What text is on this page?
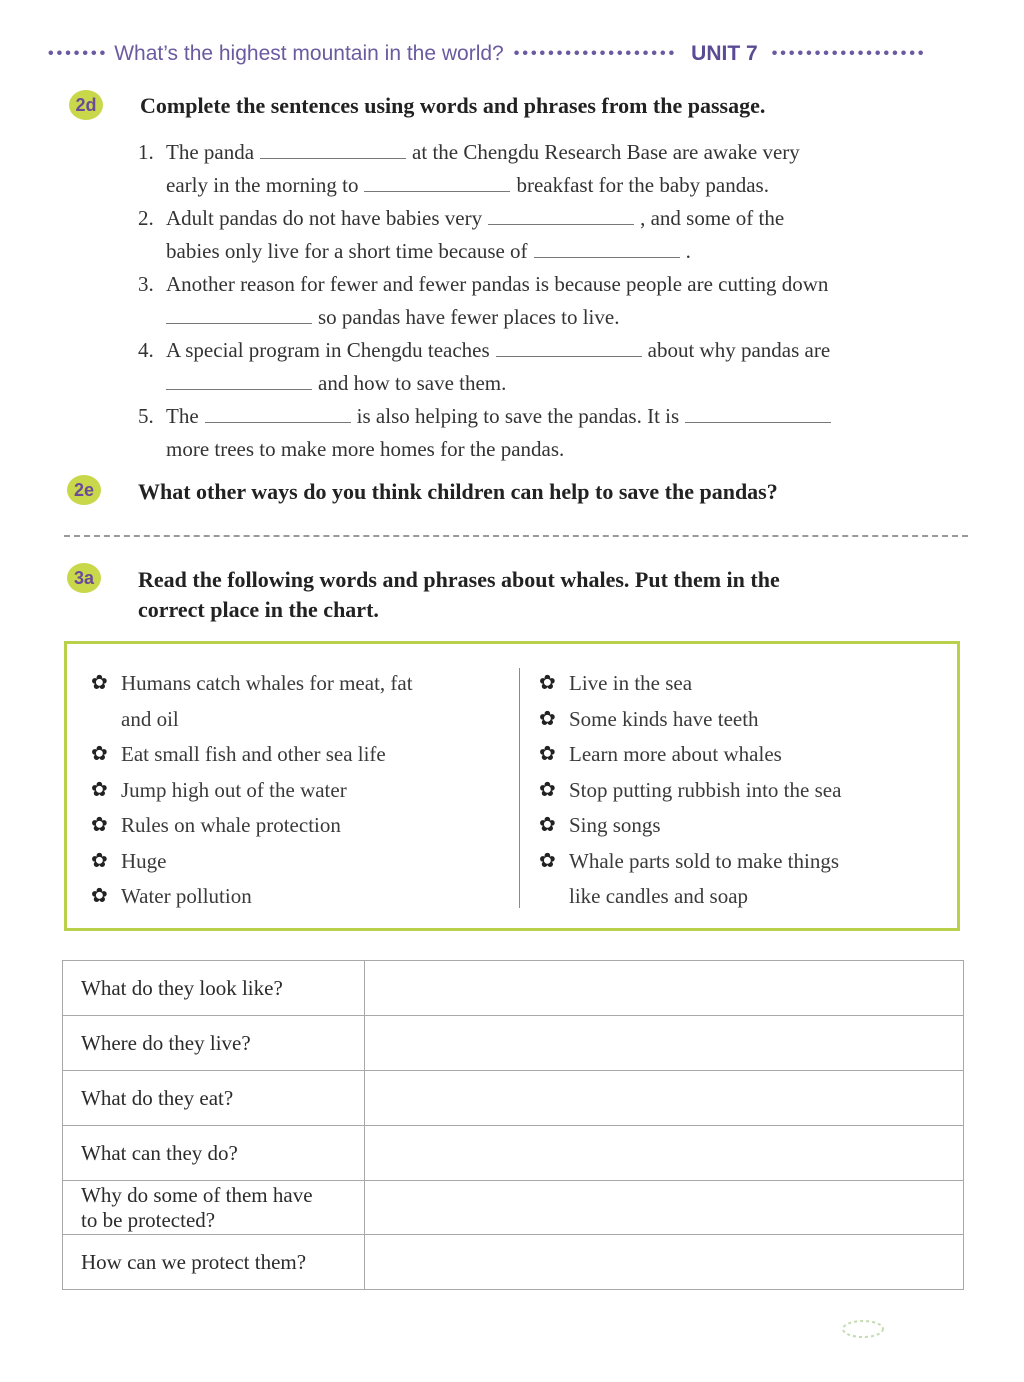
••••••• What’s the highest mountain in the world? ••••••••••••••••••• UNIT 7 ••••••••••••••••••
2d Complete the sentences using words and phrases from the passage.
1. The panda	at the Chengdu Research Base are awake very
early in the morning to	breakfast for the baby pandas.
2. Adult pandas do not have babies very	, and some of the
babies only live for a short time because of	.
3. Another reason for fewer and fewer pandas is because people are cutting down
so pandas have fewer places to live.
4. A special program in Chengdu teaches	about why pandas are
and how to save them.
5. The	is also helping to save the pandas. It is
more trees to make more homes for the pandas.
2e	What other ways do you think children can help to save the pandas?
3a	Read the following words and phrases about whales. Put them in the
correct place in the chart.
✿ Humans catch whales for meat, fat
and oil
✿ Eat small fish and other sea life
✿ Jump high out of the water
✿ Rules on whale protection
✿ Huge
✿ Water pollution
✿ Live in the sea
✿ Some kinds have teeth
✿ Learn more about whales
✿ Stop putting rubbish into the sea
✿ Sing songs
✿ Whale parts sold to make things
like candles and soap
What do they look like?	
Where do they live?	
What do they eat?	
What can they do?	
Why do some of them have
to be protected?	
How can we protect them?	
